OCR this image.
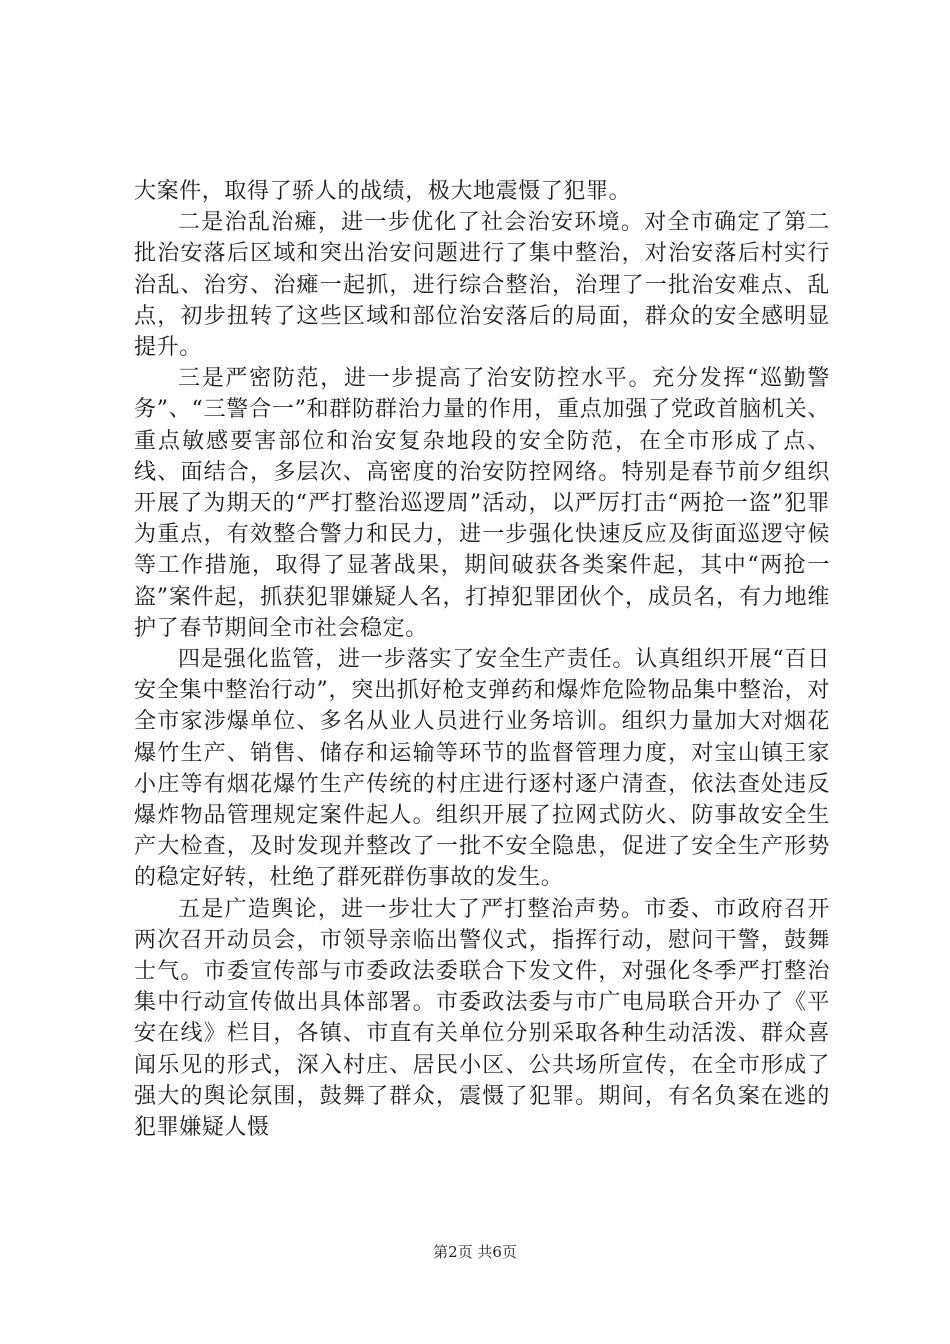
大案件，取得了骄人的战绩，极大地震慑了犯罪。

二是治乱治瘫，进一步优化了社会治安环境。对全市确定了第二批治安落后区域和突出治安问题进行了集中整治，对治安落后村实行治乱、治穷、治瘫一起抓，进行综合整治，治理了一批治安难点、乱点，初步扭转了这些区域和部位治安落后的局面，群众的安全感明显提升。

三是严密防范，进一步提高了治安防控水平。充分发挥“巡勤警务”、“三警合一”和群防群治力量的作用，重点加强了党政首脑机关、重点敏感要害部位和治安复杂地段的安全防范，在全市形成了点、线、面结合，多层次、高密度的治安防控网络。特别是春节前夕组织开展了为期天的“严打整治巡逻周”活动，以严厉打击“两抢一盗”犯罪为重点，有效整合警力和民力，进一步强化快速反应及街面巡逻守候等工作措施，取得了显著战果，期间破获各类案件起，其中“两抢一盗”案件起，抓获犯罪嫌疑人名，打掉犯罪团伙个，成员名，有力地维护了春节期间全市社会稳定。

四是强化监管，进一步落实了安全生产责任。认真组织开展“百日安全集中整治行动”，突出抓好枪支弹药和爆炸危险物品集中整治，对全市家涉爆单位、多名从业人员进行业务培训。组织力量加大对烟花爆竹生产、销售、储存和运输等环节的监督管理力度，对宝山镇王家小庄等有烟花爆竹生产传统的村庄进行逐村逐户清查，依法查处违反爆炸物品管理规定案件起人。组织开展了拉网式防火、防事故安全生产大检查，及时发现并整改了一批不安全隐患，促进了安全生产形势的稳定好转，杜绝了群死群伤事故的发生。

五是广造舆论，进一步壮大了严打整治声势。市委、市政府召开两次召开动员会，市领导亲临出警仪式，指挥行动，慰问干警，鼓舞士气。市委宣传部与市委政法委联合下发文件，对强化冬季严打整治集中行动宣传做出具体部署。市委政法委与市广电局联合开办了《平安在线》栏目，各镇、市直有关单位分别采取各种生动活泼、群众喜闻乐见的形式，深入村庄、居民小区、公共场所宣传，在全市形成了强大的舆论氛围，鼓舞了群众，震慑了犯罪。期间，有名负案在逃的犯罪嫌疑人慑

第2页 共6页
